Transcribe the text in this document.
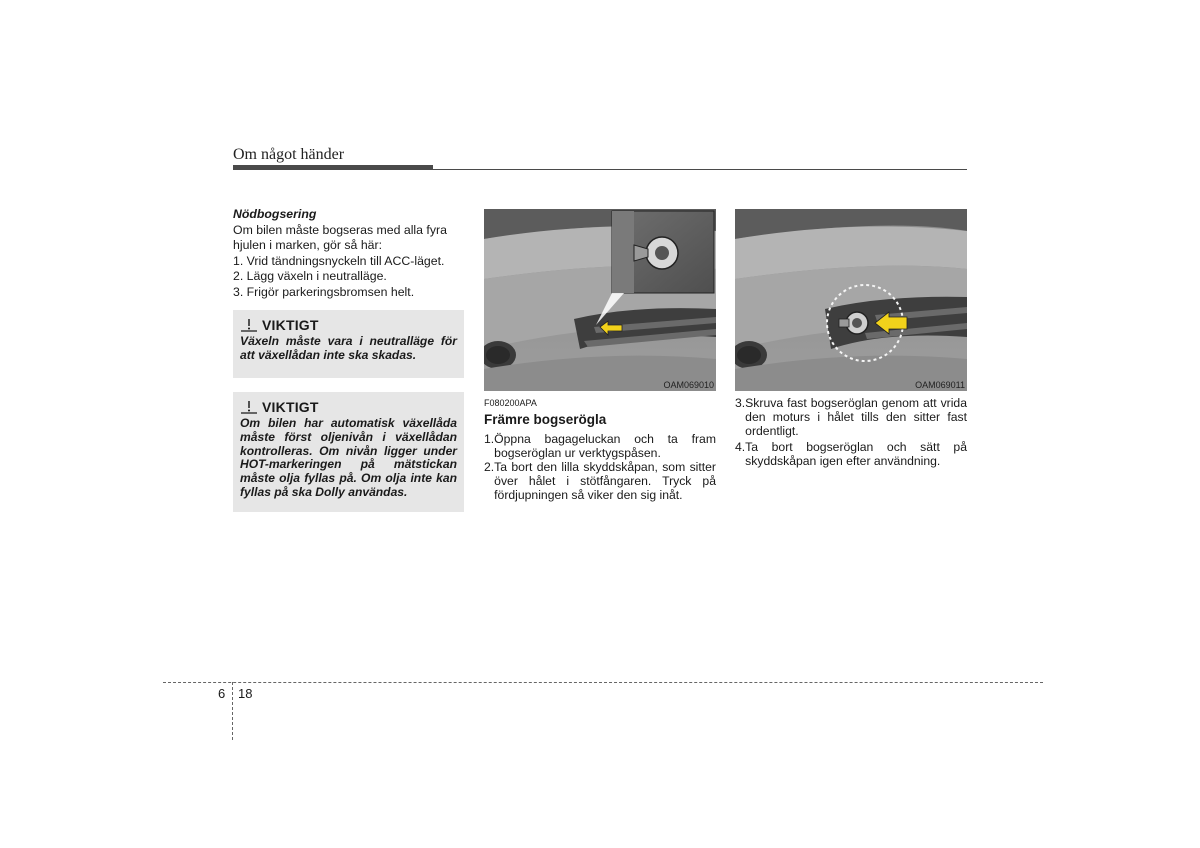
Om något händer
Nödbogsering

Om bilen måste bogseras med alla fyra hjulen i marken, gör så här:

1. Vrid tändningsnyckeln till ACC-läget.

2. Lägg växeln i neutralläge.

3. Frigör parkeringsbromsen helt.

VIKTIGT
Växeln måste vara i neutralläge för att växellådan inte ska skadas.
VIKTIGT
Om bilen har automatisk växellåda måste först oljenivån i växellådan kontrolleras. Om nivån ligger under HOT-markeringen på mätstickan måste olja fyllas på. Om olja inte kan fyllas på ska Dolly användas.
OAM069010	OAM069011
F080200APA
Främre bogserögla
1. Öppna bagageluckan och ta fram bogseröglan ur verktygspåsen.
2. Ta bort den lilla skyddskåpan, som sitter över hålet i stötfångaren. Tryck på fördjupningen så viker den sig inåt.
3. Skruva fast bogseröglan genom att vrida den moturs i hålet tills den sitter fast ordentligt.
4. Ta bort bogseröglan och sätt på skyddskåpan igen efter användning.
6 18
